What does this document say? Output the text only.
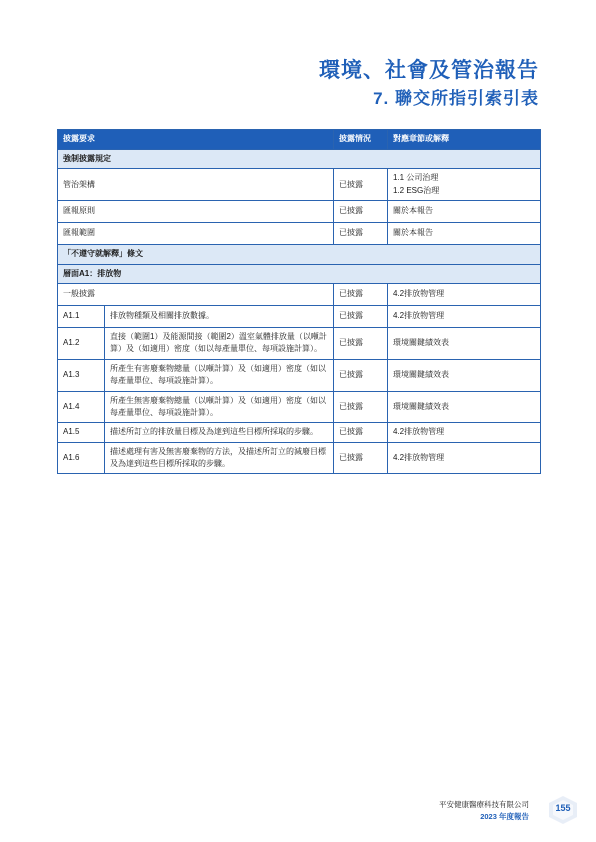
環境、社會及管治報告
7. 聯交所指引索引表
披露要求		披露情況	對應章節或解釋
強制披露規定			
管治架構		已披露	1.1 公司治理
1.2 ESG治理

匯報原則		已披露	關於本報告
匯報範圍		已披露	關於本報告
「不遵守就解釋」條文			
層面A1：排放物			
一般披露		已披露	4.2排放物管理
A1.1	排放物種類及相關排放數據。	已披露	4.2排放物管理
A1.2	直接（範圍1）及能源間接（範圍2）溫室氣體排放量（以噸計算）及（如適用）密度（如以每產量單位、每項設施計算）。	已披露	環境關鍵績效表
A1.3	所產生有害廢棄物總量（以噸計算）及（如適用）密度（如以每產量單位、每項設施計算）。	已披露	環境關鍵績效表
A1.4	所產生無害廢棄物總量（以噸計算）及（如適用）密度（如以每產量單位、每項設施計算）。	已披露	環境關鍵績效表
A1.5	描述所訂立的排放量目標及為達到這些目標所採取的步驟。	已披露	4.2排放物管理
A1.6	描述處理有害及無害廢棄物的方法，及描述所訂立的減廢目標及為達到這些目標所採取的步驟。	已披露	4.2排放物管理
平安健康醫療科技有限公司
2023 年度報告
155
